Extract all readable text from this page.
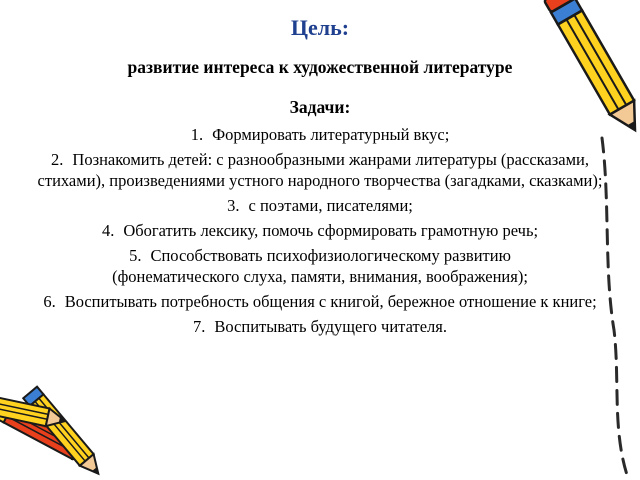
Цель:
развитие интереса к художественной литературе
Задачи:
1. Формировать литературный вкус;
2. Познакомить детей: с разнообразными жанрами литературы (рассказами, стихами), произведениями устного народного творчества (загадками, сказками);
3. с поэтами, писателями;
4. Обогатить лексику, помочь сформировать грамотную речь;
5. Способствовать психофизиологическому развитию (фонематического слуха, памяти, внимания, воображения);
6. Воспитывать потребность общения с книгой, бережное отношение к книге;
7. Воспитывать будущего читателя.
